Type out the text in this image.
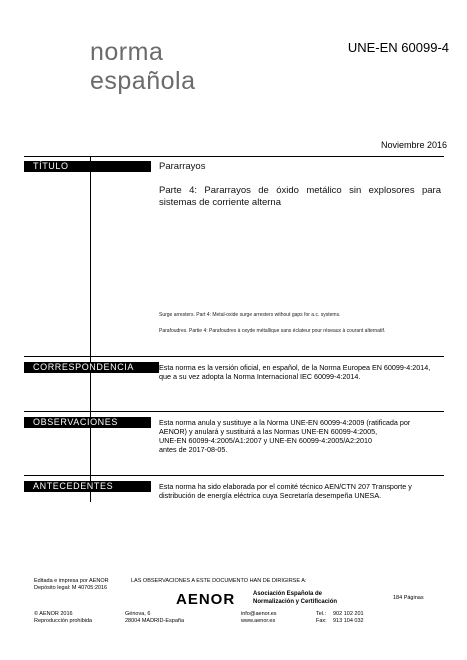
norma
española
UNE-EN 60099-4
Noviembre 2016
TÍTULO	Pararrayos
Parte 4: Pararrayos de óxido metálico sin explosores para sistemas de corriente alterna
Surge arresters. Part 4: Metal-oxide surge arresters without gaps for a.c. systems.
Parafoudres. Partie 4: Parafoudres à oxyde métallique sans éclateur pour réseaux à courant alternatif.
CORRESPONDENCIA	Esta norma es la versión oficial, en español, de la Norma Europea EN 60099-4:2014, que a su vez adopta la Norma Internacional IEC 60099-4:2014.
OBSERVACIONES	Esta norma anula y sustituye a la Norma UNE-EN 60099-4:2009 (ratificada por
AENOR) y anulará y sustituirá a las Normas UNE-EN 60099-4:2005,
UNE-EN 60099-4:2005/A1:2007 y UNE-EN 60099-4:2005/A2:2010
antes de 2017-08-05.
ANTECEDENTES	Esta norma ha sido elaborada por el comité técnico AEN/CTN 207 Transporte y distribución de energía eléctrica cuya Secretaría desempeña UNESA.
Editada e impresa por AENOR
Depósito legal: M 40705:2016
© AENOR 2016
Reproducción prohibida
LAS OBSERVACIONES A ESTE DOCUMENTO HAN DE DIRIGIRSE A:
AENOR	Asociación Española de
Normalización y Certificación
Génova, 6
28004 MADRID-España
info@aenor.es
www.aenor.es
Tel.: 902 102 201
Fax: 913 104 032
184 Páginas
